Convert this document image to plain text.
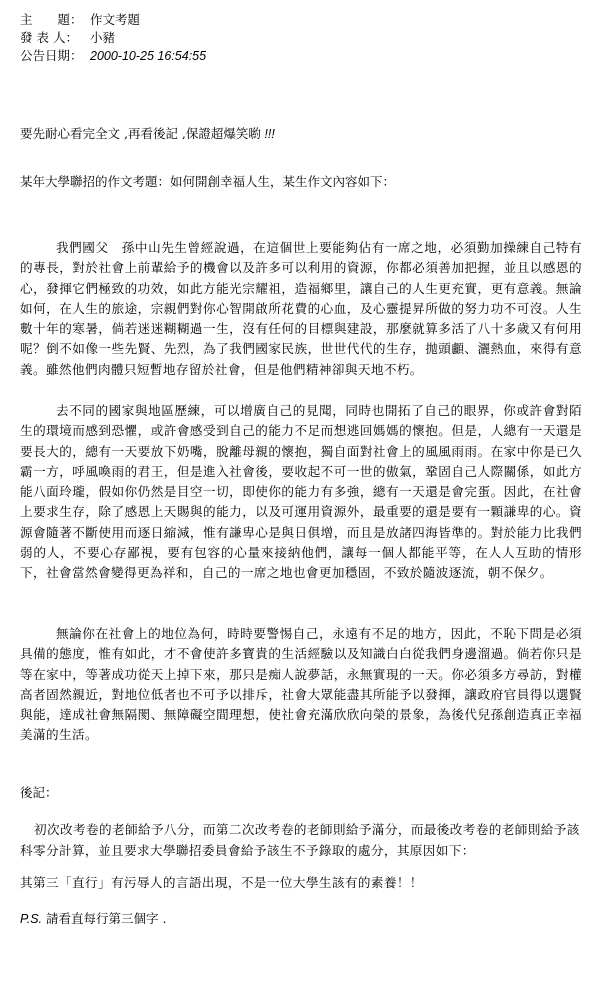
主　　題： 作文考題
發 表 人： 小豬
公告日期： 2000-10-25 16:54:55
要先耐心看完全文 ,再看後記 ,保證超爆笑喲 !!!
某年大學聯招的作文考題：如何開創幸福人生，某生作文內容如下：

我們國父　孫中山先生曾經說過，在這個世上要能夠佔有一席之地，必須勤加操練自己特有的專長，對於社會上前輩給予的機會以及許多可以利用的資源，你都必須善加把握，並且以感恩的心，發揮它們極致的功效，如此方能光宗耀祖，造福鄉里，讓自己的人生更充實，更有意義。無論如何，在人生的旅途，宗親們對你心智開啟所花費的心血，及心靈提昇所做的努力功不可沒。人生數十年的寒暑，倘若迷迷糊糊過一生，沒有任何的目標與建設，那麼就算多活了八十多歲又有何用呢？倒不如像一些先賢、先烈，為了我們國家民族，世世代代的生存，拋頭顱、灑熱血，來得有意義。雖然他們肉體只短暫地存留於社會，但是他們精神卻與天地不朽。

去不同的國家與地區歷練，可以增廣自己的見聞，同時也開拓了自己的眼界，你或許會對陌生的環境而感到恐懼，或許會感受到自己的能力不足而想逃回媽媽的懷抱。但是，人總有一天還是要長大的，總有一天要放下奶嘴，脫離母親的懷抱，獨自面對社會上的風風雨雨。在家中你是已久霸一方，呼風喚雨的君王，但是進入社會後，要收起不可一世的傲氣，鞏固自己人際關係，如此方能八面玲瓏，假如你仍然是目空一切，即使你的能力有多強，總有一天還是會完蛋。因此，在社會上要求生存，除了感恩上天賜與的能力，以及可運用資源外，最重要的還是要有一顆謙卑的心。資源會隨著不斷使用而逐日縮減，惟有謙卑心是與日俱增，而且是放諸四海皆準的。對於能力比我們弱的人，不要心存鄙視，要有包容的心量來接納他們，讓每一個人都能平等，在人人互助的情形下，社會當然會變得更為祥和，自己的一席之地也會更加穩固，不致於隨波逐流，朝不保夕。

無論你在社會上的地位為何，時時要警惕自己，永遠有不足的地方，因此，不恥下問是必須具備的態度，惟有如此，才不會使許多寶貴的生活經驗以及知識白白從我們身邊溜過。倘若你只是等在家中，等著成功從天上掉下來，那只是痴人說夢話，永無實現的一天。你必須多方尋訪，對權高者固然親近，對地位低者也不可予以排斥，社會大眾能盡其所能予以發揮，讓政府官員得以選賢與能，達成社會無隔閡、無障礙空間理想，使社會充滿欣欣向榮的景象，為後代兒孫創造真正幸福美滿的生活。

後記：

初次改考卷的老師給予八分，而第二次改考卷的老師則給予滿分，而最後改考卷的老師則給予該科零分計算，並且要求大學聯招委員會給予該生不予錄取的處分，其原因如下：

其第三「直行」有污辱人的言語出現，不是一位大學生該有的素養！！

P.S. 請看直每行第三個字 .
